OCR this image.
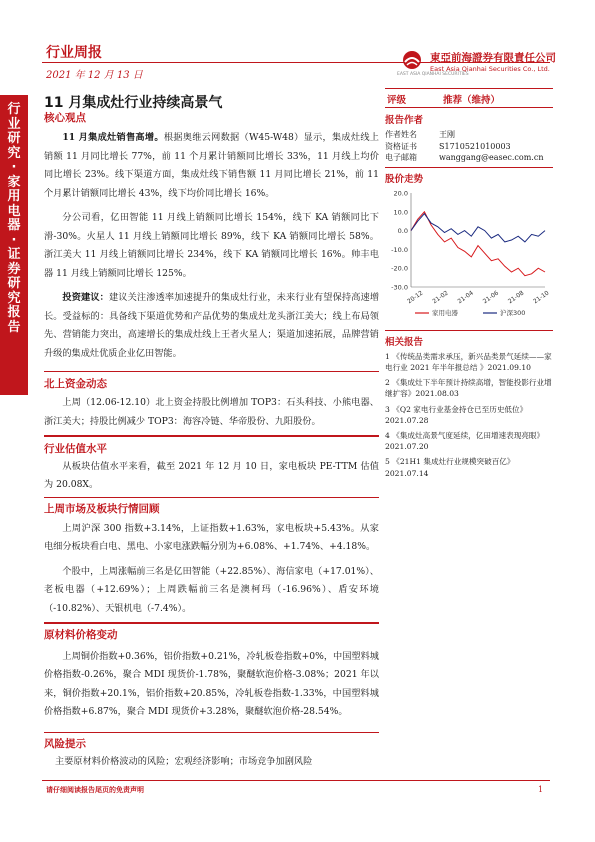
行业研究·家用电器·证券研究报告
行业周报
2021 年 12 月 13 日	EAST ASIA QIANHAI SECURITIES
東亞前海證券有限責任公司
East Asia Qianhai Securities Co., Ltd.
11 月集成灶行业持续高景气
核心观点
11 月集成灶销售高增。根据奥维云网数据（W45-W48）显示，集成灶线上销额 11 月同比增长 77%，前 11 个月累计销额同比增长 33%，11 月线上均价同比增长 23%。线下渠道方面，集成灶线下销售额 11 月同比增长 21%，前 11 个月累计销额同比增长 43%，线下均价同比增长 16%。
分公司看，亿田智能 11 月线上销额同比增长 154%，线下 KA 销额同比下滑-30%。火星人 11 月线上销额同比增长 89%，线下 KA 销额同比增长 58%。浙江美大 11 月线上销额同比增长 234%，线下 KA 销额同比增长 16%。帅丰电器 11 月线上销额同比增长 125%。
投资建议：建议关注渗透率加速提升的集成灶行业，未来行业有望保持高速增长。受益标的：具备线下渠道优势和产品优势的集成灶龙头浙江美大；线上布局领先、营销能力突出，高速增长的集成灶线上王者火星人；渠道加速拓展，品牌营销升级的集成灶优质企业亿田智能。
北上资金动态
上周（12.06-12.10）北上资金持股比例增加 TOP3：石头科技、小熊电器、浙江美大；持股比例减少 TOP3：海容冷链、华帝股份、九阳股份。
行业估值水平
从板块估值水平来看，截至 2021 年 12 月 10 日，家电板块 PE-TTM 估值为 20.08X。
上周市场及板块行情回顾
上周沪深 300 指数+3.14%，上证指数+1.63%，家电板块+5.43%。从家电细分板块看白电、黑电、小家电涨跌幅分别为+6.08%、+1.74%、+4.18%。
个股中，上周涨幅前三名是亿田智能（+22.85%）、海信家电（+17.01%）、老板电器（+12.69%）；上周跌幅前三名是澳柯玛（-16.96%）、盾安环境（-10.82%）、天银机电（-7.4%）。
原材料价格变动
上周铜价指数+0.36%，铝价指数+0.21%，冷轧板卷指数+0%，中国塑料城价格指数-0.26%，聚合 MDI 现货价-1.78%，聚醚软泡价格-3.08%；2021 年以来，铜价指数+20.1%，铝价指数+20.85%，冷轧板卷指数-1.33%，中国塑料城价格指数+6.87%，聚合 MDI 现货价+3.28%，聚醚软泡价格-28.54%。
风险提示
主要原材料价格波动的风险；宏观经济影响；市场竞争加剧风险
评级	推荐（维持）
报告作者
作者姓名	王刚
资格证书	S1710521010003
电子邮箱	wanggang@easec.com.cn
股价走势
20.0
10.0
0.0
-10.0
-20.0
-30.0
20-12 21-02 21-04 21-06 21-08 21-10
家用电器	沪深300
相关报告
1 《传统品类需求承压，新兴品类景气延续——家电行业 2021 年半年报总结 》2021.09.10
2 《集成灶下半年预计持续高增，智能投影行业增 继扩容》2021.08.03
3 《Q2 家电行业基金持仓已至历史低位》2021.07.28
4 《集成灶高景气度延续，亿田增速表现亮眼》2021.07.20
5 《21H1 集成灶行业规模突破百亿》2021.07.14
请仔细阅读报告尾页的免责声明	1
